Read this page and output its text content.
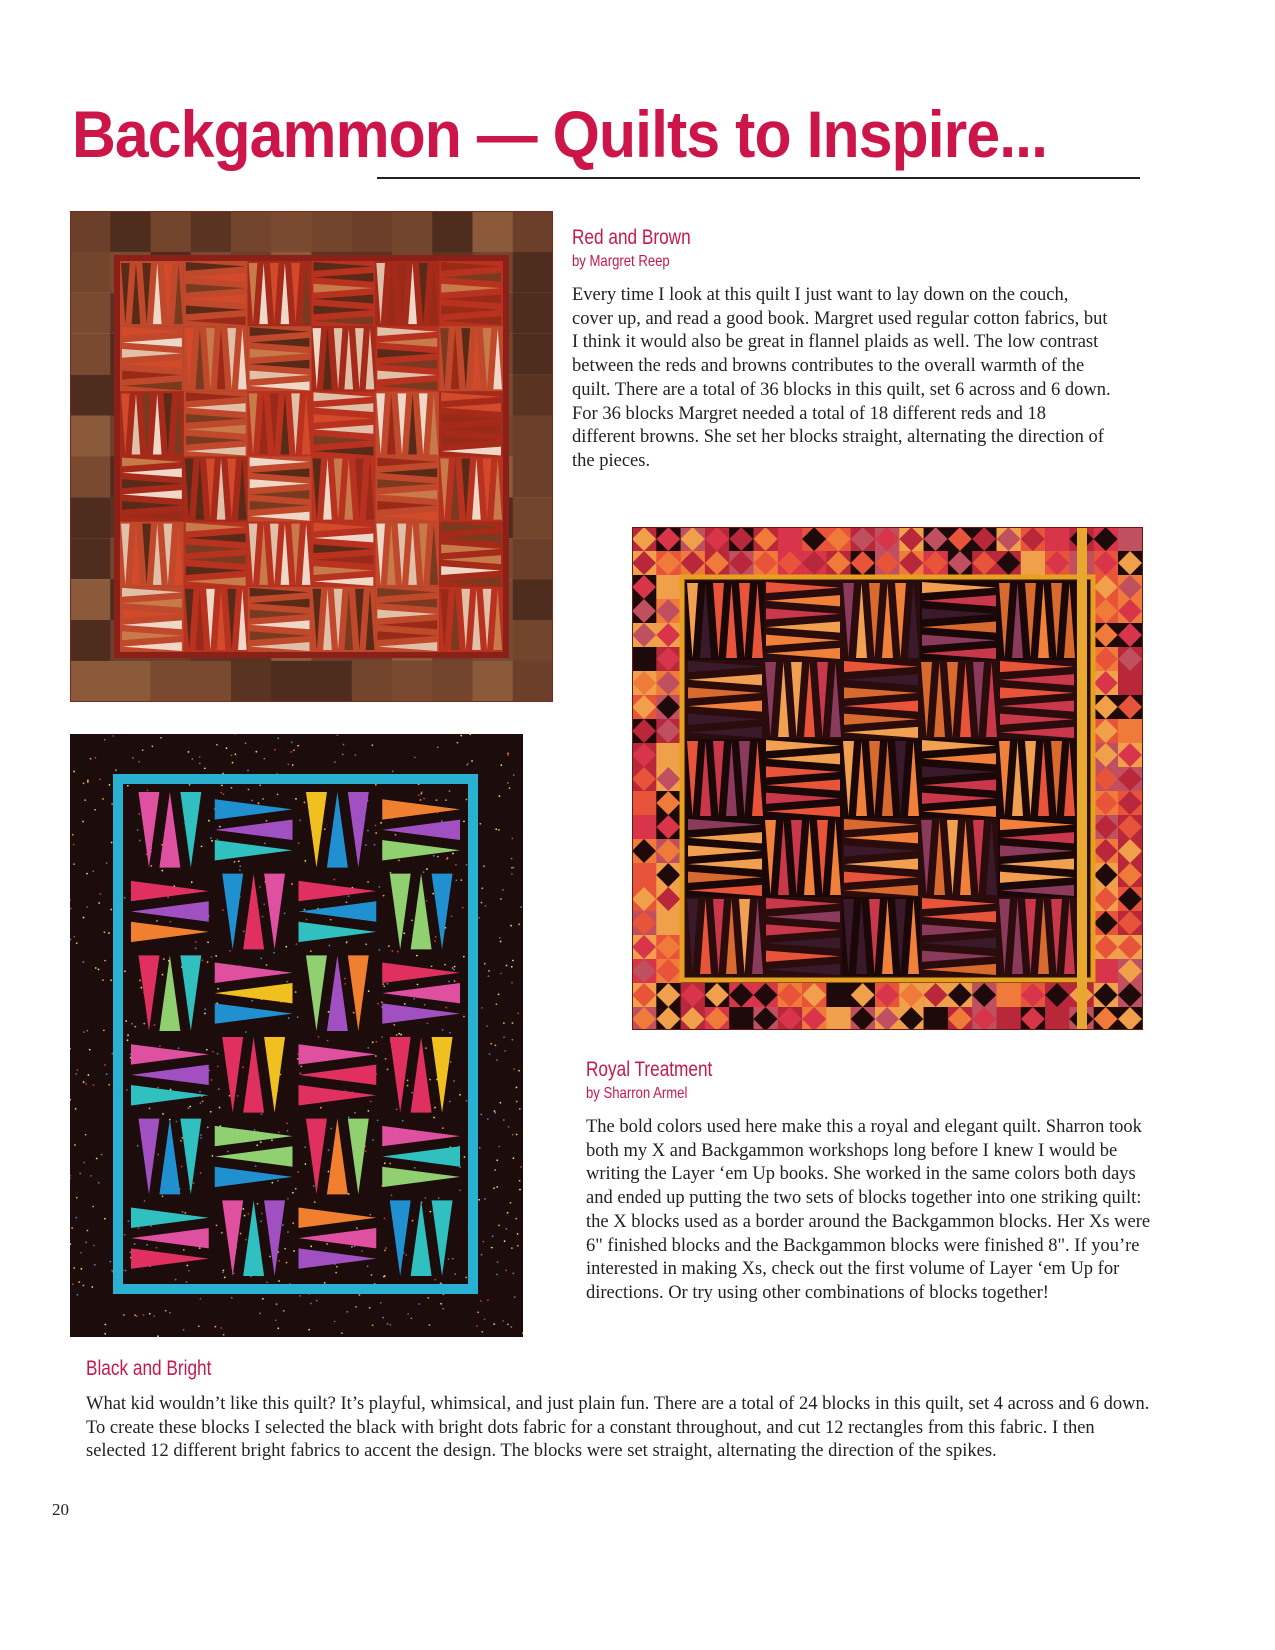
Backgammon — Quilts to Inspire...
Red and Brown
by Margret Reep
Every time I look at this quilt I just want to lay down on the couch, cover up, and read a good book. Margret used regular cotton fabrics, but I think it would also be great in flannel plaids as well. The low contrast between the reds and browns contributes to the overall warmth of the quilt. There are a total of 36 blocks in this quilt, set 6 across and 6 down. For 36 blocks Margret needed a total of 18 different reds and 18 different browns. She set her blocks straight, alternating the direction of the pieces.
Royal Treatment
by Sharron Armel
The bold colors used here make this a royal and elegant quilt. Sharron took both my X and Backgammon workshops long before I knew I would be writing the Layer ‘em Up books. She worked in the same colors both days and ended up putting the two sets of blocks together into one striking quilt: the X blocks used as a border around the Backgammon blocks. Her Xs were 6" finished blocks and the Backgammon blocks were finished 8". If you’re interested in making Xs, check out the first volume of Layer ‘em Up for directions. Or try using other combinations of blocks together!
Black and Bright
What kid wouldn’t like this quilt? It’s playful, whimsical, and just plain fun. There are a total of 24 blocks in this quilt, set 4 across and 6 down. To create these blocks I selected the black with bright dots fabric for a constant throughout, and cut 12 rectangles from this fabric. I then selected 12 different bright fabrics to accent the design. The blocks were set straight, alternating the direction of the spikes.
20
